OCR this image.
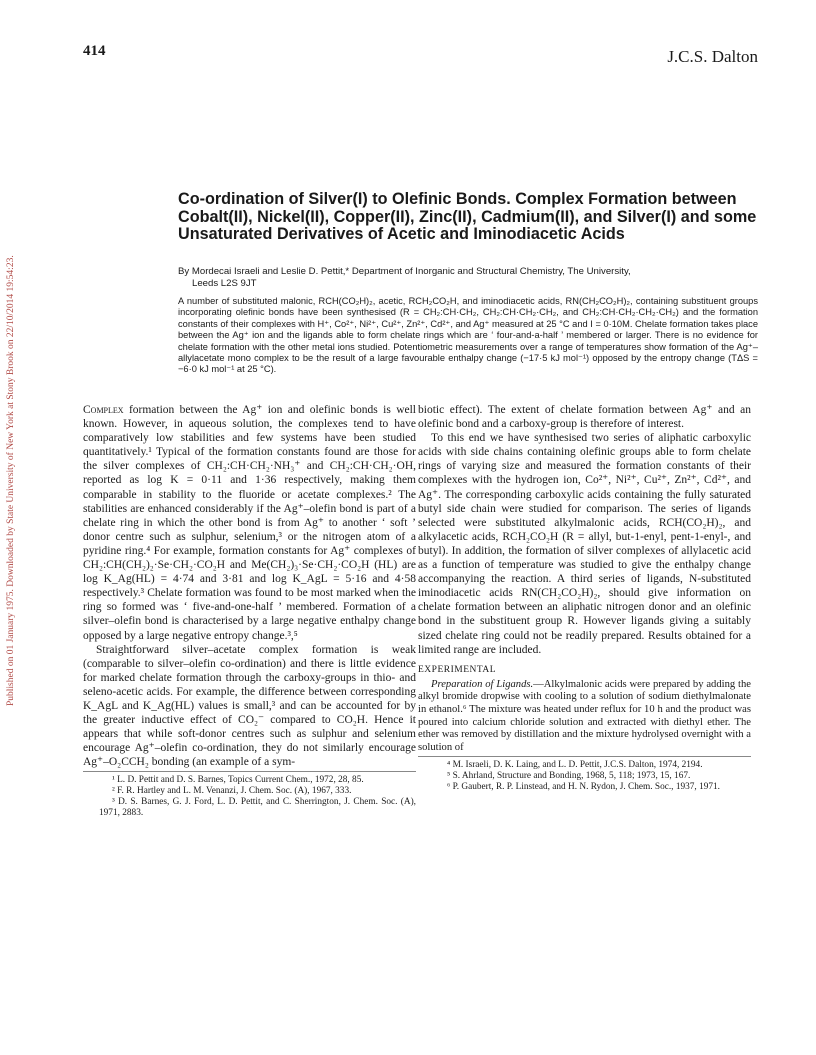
414	J.C.S. Dalton
Published on 01 January 1975. Downloaded by State University of New York at Stony Brook on 22/10/2014 19:54:23.
Co-ordination of Silver(I) to Olefinic Bonds. Complex Formation between Cobalt(II), Nickel(II), Copper(II), Zinc(II), Cadmium(II), and Silver(I) and some Unsaturated Derivatives of Acetic and Iminodiacetic Acids
By Mordecai Israeli and Leslie D. Pettit,* Department of Inorganic and Structural Chemistry, The University,
Leeds L2S 9JT

A number of substituted malonic, RCH(CO₂H)₂, acetic, RCH₂CO₂H, and iminodiacetic acids, RN(CH₂CO₂H)₂, containing substituent groups incorporating olefinic bonds have been synthesised (R = CH₂:CH·CH₂, CH₂:CH·CH₂·CH₂, and CH₂:CH·CH₂·CH₂·CH₂) and the formation constants of their complexes with H⁺, Co²⁺, Ni²⁺, Cu²⁺, Zn²⁺, Cd²⁺, and Ag⁺ measured at 25 °C and I = 0·10M. Chelate formation takes place between the Ag⁺ ion and the ligands able to form chelate rings which are ‘ four-and-a-half ’ membered or larger. There is no evidence for chelate formation with the other metal ions studied. Potentiometric measurements over a range of temperatures show formation of the Ag⁺–allylacetate mono complex to be the result of a large favourable enthalpy change (−17·5 kJ mol⁻¹) opposed by the entropy change (TΔS = −6·0 kJ mol⁻¹ at 25 °C).

Complex formation between the Ag⁺ ion and olefinic bonds is well known. However, in aqueous solution, the complexes tend to have comparatively low stabilities and few systems have been studied quantitatively.¹ Typical of the formation constants found are those for the silver complexes of CH₂:CH·CH₂·NH₃⁺ and CH₂:CH·CH₂·OH, reported as log K = 0·11 and 1·36 respectively, making them comparable in stability to the fluoride or acetate complexes.² The stabilities are enhanced considerably if the Ag⁺–olefin bond is part of a chelate ring in which the other bond is from Ag⁺ to another ‘ soft ’ donor centre such as sulphur, selenium,³ or the nitrogen atom of a pyridine ring.⁴ For example, formation constants for Ag⁺ complexes of CH₂:CH(CH₂)₂·Se·CH₂·CO₂H and Me(CH₂)₃·Se·CH₂·CO₂H (HL) are log K_Ag(HL) = 4·74 and 3·81 and log K_AgL = 5·16 and 4·58 respectively.³ Chelate formation was found to be most marked when the ring so formed was ‘ five-and-one-half ’ membered. Formation of a silver–olefin bond is characterised by a large negative enthalpy change opposed by a large negative entropy change.³,⁵

Straightforward silver–acetate complex formation is weak (comparable to silver–olefin co-ordination) and there is little evidence for marked chelate formation through the carboxy-groups in thio- and seleno-acetic acids. For example, the difference between corresponding K_AgL and K_Ag(HL) values is small,³ and can be accounted for by the greater inductive effect of CO₂⁻ compared to CO₂H. Hence it appears that while soft-donor centres such as sulphur and selenium encourage Ag⁺–olefin co-ordination, they do not similarly encourage Ag⁺–O₂CCH₂ bonding (an example of a sym-

¹ L. D. Pettit and D. S. Barnes, Topics Current Chem., 1972, 28, 85.

² F. R. Hartley and L. M. Venanzi, J. Chem. Soc. (A), 1967, 333.

³ D. S. Barnes, G. J. Ford, L. D. Pettit, and C. Sherrington, J. Chem. Soc. (A), 1971, 2883.

biotic effect). The extent of chelate formation between Ag⁺ and an olefinic bond and a carboxy-group is therefore of interest.

To this end we have synthesised two series of aliphatic carboxylic acids with side chains containing olefinic groups able to form chelate rings of varying size and measured the formation constants of their complexes with the hydrogen ion, Co²⁺, Ni²⁺, Cu²⁺, Zn²⁺, Cd²⁺, and Ag⁺. The corresponding carboxylic acids containing the fully saturated butyl side chain were studied for comparison. The series of ligands selected were substituted alkylmalonic acids, RCH(CO₂H)₂, and alkylacetic acids, RCH₂CO₂H (R = allyl, but-1-enyl, pent-1-enyl-, and butyl). In addition, the formation of silver complexes of allylacetic acid as a function of temperature was studied to give the enthalpy change accompanying the reaction. A third series of ligands, N-substituted iminodiacetic acids RN(CH₂CO₂H)₂, should give information on chelate formation between an aliphatic nitrogen donor and an olefinic bond in the substituent group R. However ligands giving a suitably sized chelate ring could not be readily prepared. Results obtained for a limited range are included.

EXPERIMENTAL

Preparation of Ligands.—Alkylmalonic acids were prepared by adding the alkyl bromide dropwise with cooling to a solution of sodium diethylmalonate in ethanol.⁶ The mixture was heated under reflux for 10 h and the product was poured into calcium chloride solution and extracted with diethyl ether. The ether was removed by distillation and the mixture hydrolysed overnight with a solution of

⁴ M. Israeli, D. K. Laing, and L. D. Pettit, J.C.S. Dalton, 1974, 2194.

⁵ S. Ahrland, Structure and Bonding, 1968, 5, 118; 1973, 15, 167.

⁶ P. Gaubert, R. P. Linstead, and H. N. Rydon, J. Chem. Soc., 1937, 1971.
